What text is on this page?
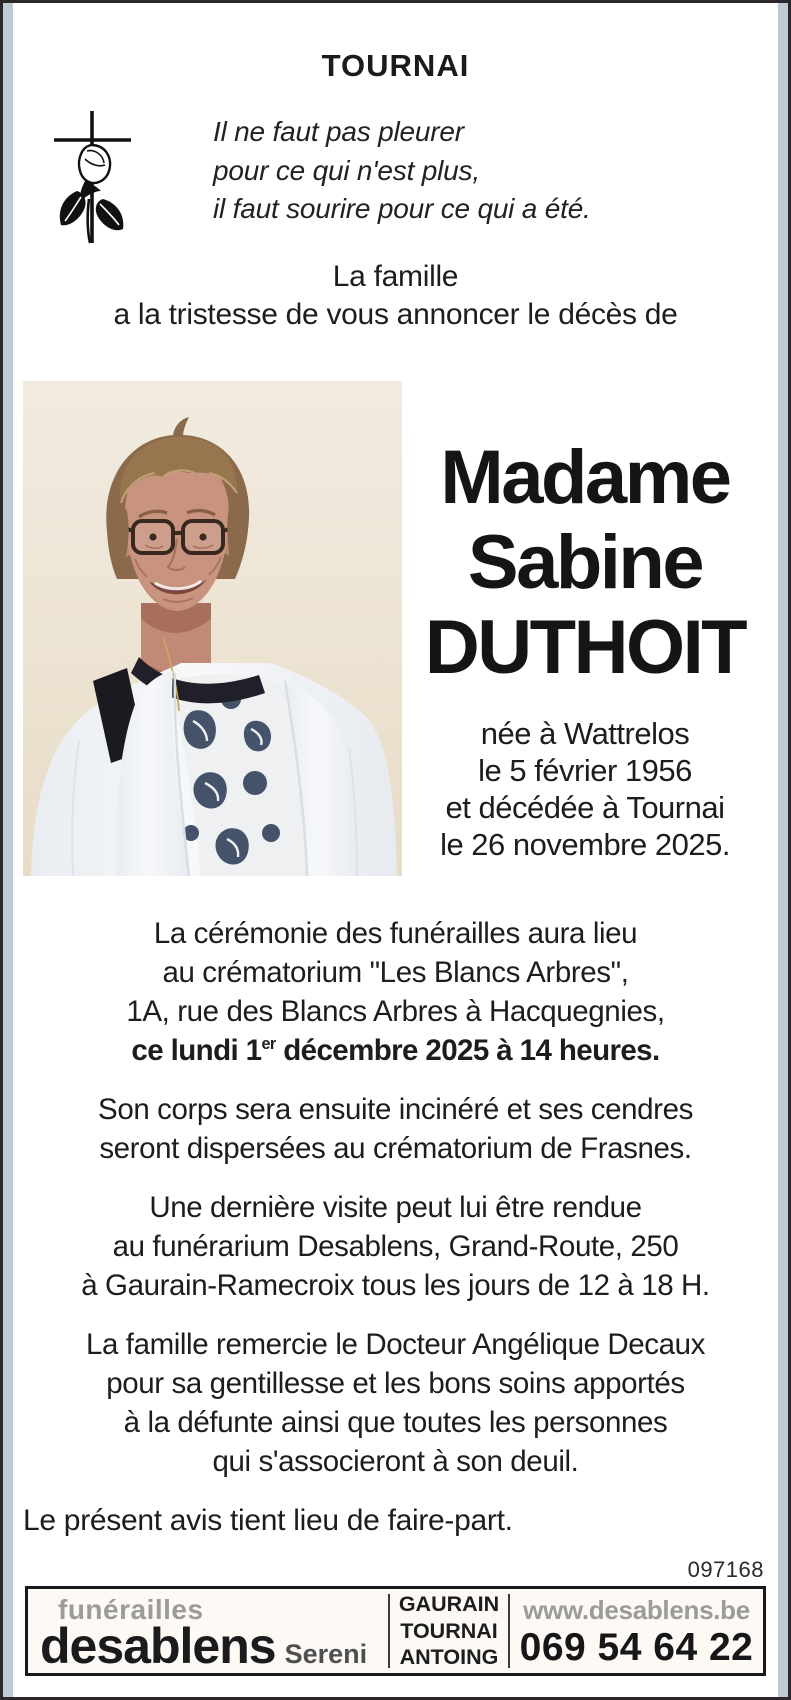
TOURNAI
Il ne faut pas pleurer
pour ce qui n'est plus,
il faut sourire pour ce qui a été.
La famille
a la tristesse de vous annoncer le décès de
Madame
Sabine
DUTHOIT
née à Wattrelos
le 5 février 1956
et décédée à Tournai
le 26 novembre 2025.
La cérémonie des funérailles aura lieu
au crématorium "Les Blancs Arbres",
1A, rue des Blancs Arbres à Hacquegnies,
ce lundi 1er décembre 2025 à 14 heures.
Son corps sera ensuite incinéré et ses cendres
seront dispersées au crématorium de Frasnes.
Une dernière visite peut lui être rendue
au funérarium Desablens, Grand-Route, 250
à Gaurain-Ramecroix tous les jours de 12 à 18 H.
La famille remercie le Docteur Angélique Decaux
pour sa gentillesse et les bons soins apportés
à la défunte ainsi que toutes les personnes
qui s'associeront à son deuil.
Le présent avis tient lieu de faire-part.
097168
funérailles
desablens Sereni
GAURAIN
TOURNAI
ANTOING
www.desablens.be
069 54 64 22
